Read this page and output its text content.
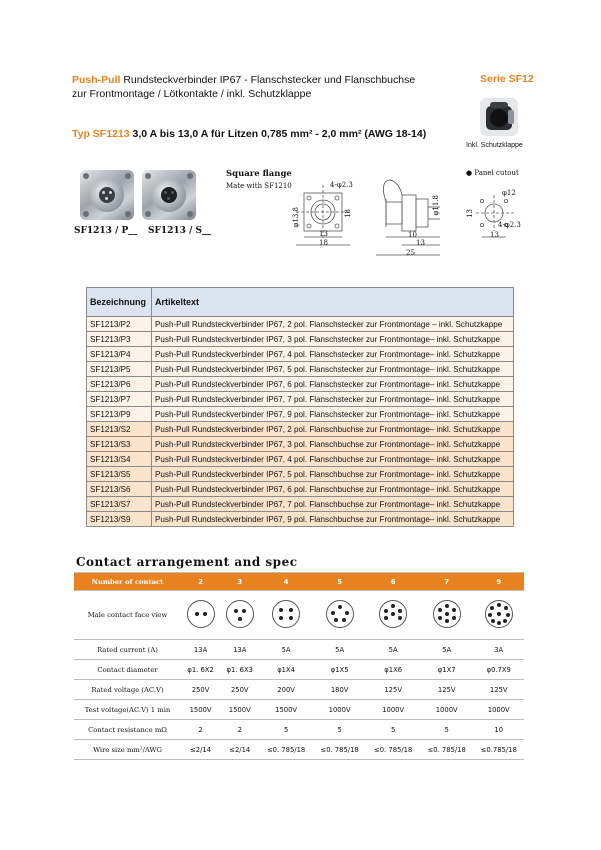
Push-Pull Rundsteckverbinder IP67 - Flanschstecker und Flanschbuchse
zur Frontmontage / Lötkontakte / inkl. Schutzklappe
Serie SF12
Inkl. Schutzklappe
Typ SF1213 3,0 A bis 13,0 A für Litzen 0,785 mm² - 2,0 mm² (AWG 18-14)
SF1213 / P__ SF1213 / S__
Square flange
Mate with SF1210
● Panel cutout
4-φ2.3
φ13.8	18
13
18
10
13
25
φ11.8
φ12
4-φ2.3
13
13
Bezeichnung	Artikeltext
SF1213/P2	Push-Pull Rundsteckverbinder IP67, 2 pol. Flanschstecker zur Frontmontage – inkl. Schutzkappe
SF1213/P3	Push-Pull Rundsteckverbinder IP67, 3 pol. Flanschstecker zur Frontmontage– inkl. Schutzkappe
SF1213/P4	Push-Pull Rundsteckverbinder IP67, 4 pol. Flanschstecker zur Frontmontage– inkl. Schutzkappe
SF1213/P5	Push-Pull Rundsteckverbinder IP67, 5 pol. Flanschstecker zur Frontmontage– inkl. Schutzkappe
SF1213/P6	Push-Pull Rundsteckverbinder IP67, 6 pol. Flanschstecker zur Frontmontage– inkl. Schutzkappe
SF1213/P7	Push-Pull Rundsteckverbinder IP67, 7 pol. Flanschstecker zur Frontmontage– inkl. Schutzkappe
SF1213/P9	Push-Pull Rundsteckverbinder IP67, 9 pol. Flanschstecker zur Frontmontage– inkl. Schutzkappe
SF1213/S2	Push-Pull Rundsteckverbinder IP67, 2 pol. Flanschbuchse zur Frontmontage– inkl. Schutzkappe
SF1213/S3	Push-Pull Rundsteckverbinder IP67, 3 pol. Flanschbuchse zur Frontmontage– inkl. Schutzkappe
SF1213/S4	Push-Pull Rundsteckverbinder IP67, 4 pol. Flanschbuchse zur Frontmontage– inkl. Schutzkappe
SF1213/S5	Push-Pull Rundsteckverbinder IP67, 5 pol. Flanschbuchse zur Frontmontage– inkl. Schutzkappe
SF1213/S6	Push-Pull Rundsteckverbinder IP67, 6 pol. Flanschbuchse zur Frontmontage– inkl. Schutzkappe
SF1213/S7	Push-Pull Rundsteckverbinder IP67, 7 pol. Flanschbuchse zur Frontmontage– inkl. Schutzkappe
SF1213/S9	Push-Pull Rundsteckverbinder IP67, 9 pol. Flanschbuchse zur Frontmontage– inkl. Schutzkappe
Contact arrangement and spec
Number of contact	2	3	4	5	6	7	9
Male contact face view	

Rated current (A)	13A	13A	5A	5A	5A	5A	3A
Contact diameter	φ1. 6X2	φ1. 6X3	φ1X4	φ1X5	φ1X6	φ1X7	φ0.7X9
Rated voltage (AC.V)	250V	250V	200V	180V	125V	125V	125V
Test voltage(AC.V) 1 min	1500V	1500V	1500V	1000V	1000V	1000V	1000V
Contact resistance mΩ	2	2	5	5	5	5	10
Wire size mm²/AWG	≤2/14	≤2/14	≤0. 785/18	≤0. 785/18	≤0. 785/18	≤0. 785/18	≤0.785/18
